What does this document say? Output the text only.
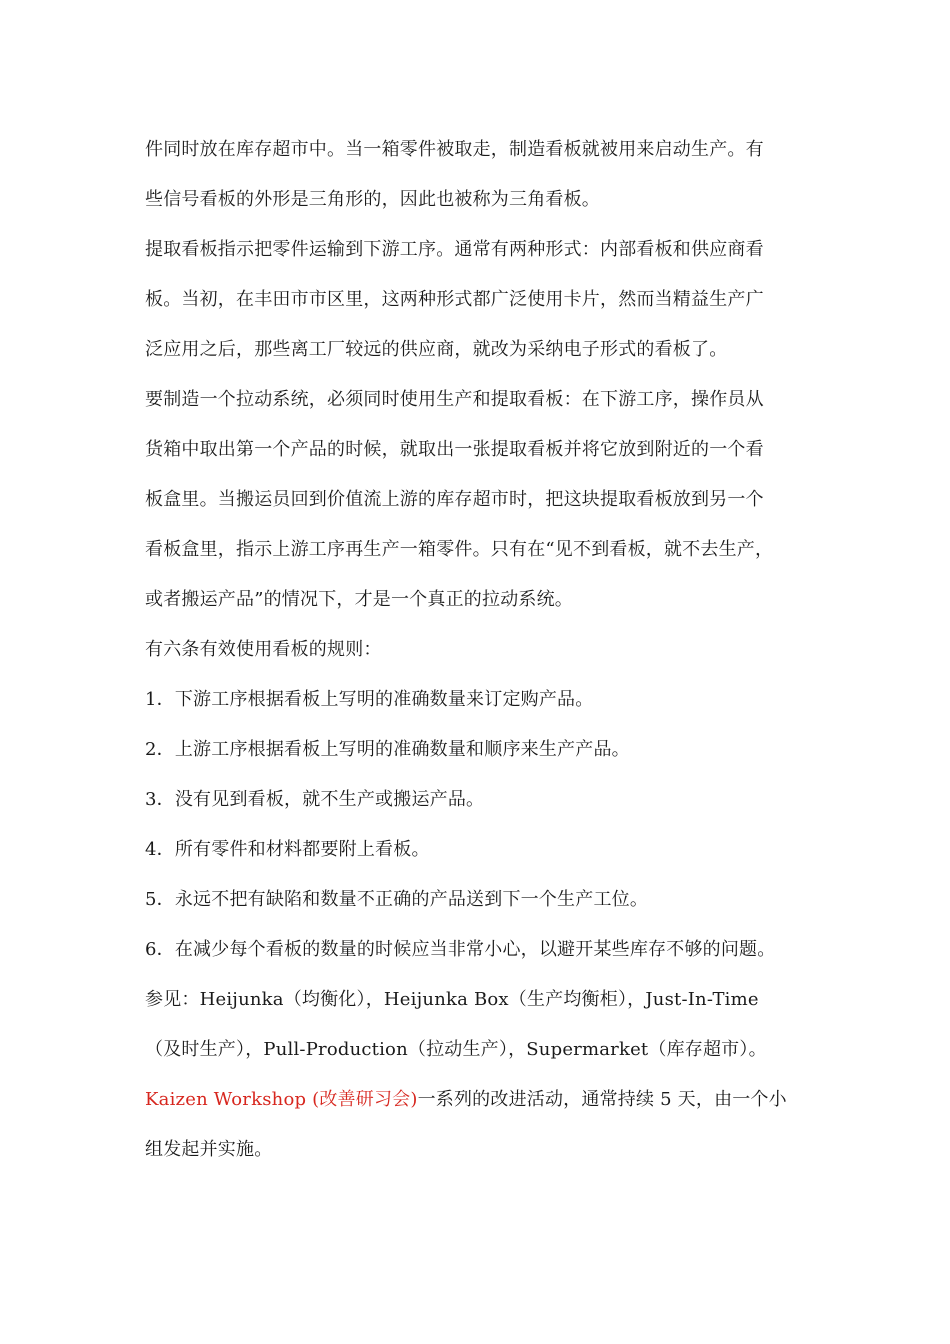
件同时放在库存超市中。当一箱零件被取走，制造看板就被用来启动生产。有
些信号看板的外形是三角形的，因此也被称为三角看板。
提取看板指示把零件运输到下游工序。通常有两种形式：内部看板和供应商看
板。当初，在丰田市市区里，这两种形式都广泛使用卡片，然而当精益生产广
泛应用之后，那些离工厂较远的供应商，就改为采纳电子形式的看板了。
要制造一个拉动系统，必须同时使用生产和提取看板：在下游工序，操作员从
货箱中取出第一个产品的时候，就取出一张提取看板并将它放到附近的一个看
板盒里。当搬运员回到价值流上游的库存超市时，把这块提取看板放到另一个
看板盒里，指示上游工序再生产一箱零件。只有在“见不到看板，就不去生产，
或者搬运产品”的情况下，才是一个真正的拉动系统。
有六条有效使用看板的规则：
1．下游工序根据看板上写明的准确数量来订定购产品。
2．上游工序根据看板上写明的准确数量和顺序来生产产品。
3．没有见到看板，就不生产或搬运产品。
4．所有零件和材料都要附上看板。
5．永远不把有缺陷和数量不正确的产品送到下一个生产工位。
6．在减少每个看板的数量的时候应当非常小心，以避开某些库存不够的问题。
参见：Heijunka（均衡化），Heijunka Box（生产均衡柜），Just-In-Time
（及时生产），Pull-Production（拉动生产），Supermarket（库存超市）。
Kaizen Workshop (改善研习会)一系列的改进活动，通常持续 5 天，由一个小
组发起并实施。
